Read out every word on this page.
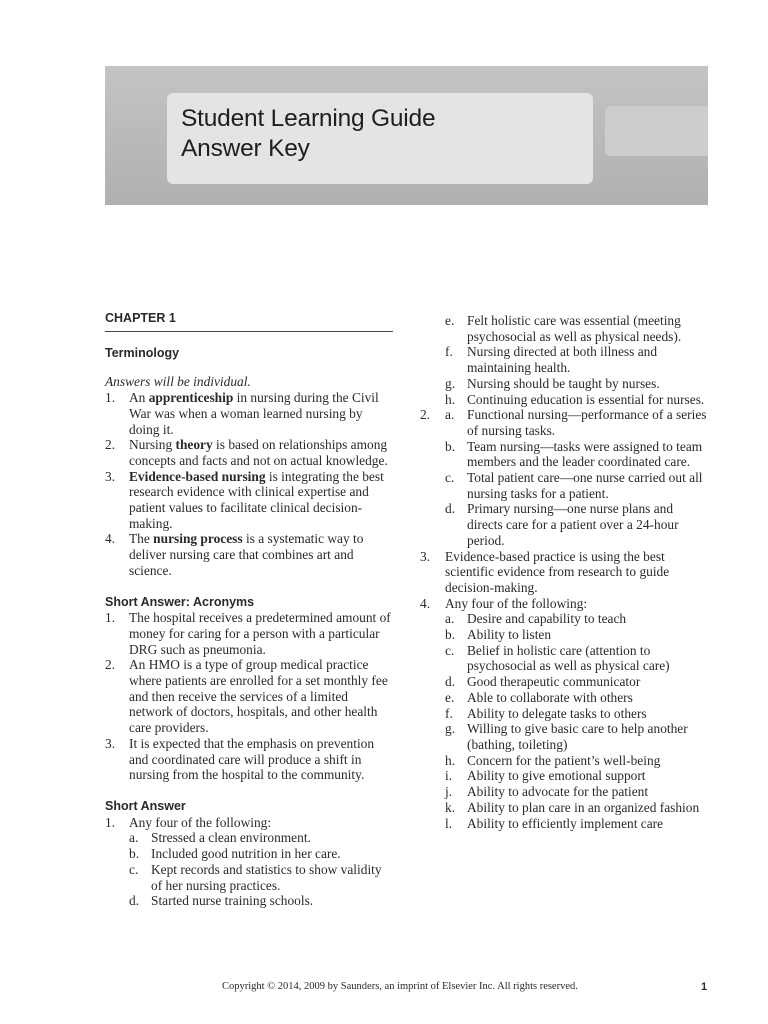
Student Learning Guide
Answer Key
CHAPTER 1
Terminology
Answers will be individual.
1.	An apprenticeship in nursing during the Civil War was when a woman learned nursing by doing it.
2.	Nursing theory is based on relationships among concepts and facts and not on actual knowledge.
3.	Evidence-based nursing is integrating the best research evidence with clinical expertise and patient values to facilitate clinical decision-making.
4.	The nursing process is a systematic way to deliver nursing care that combines art and science.
Short Answer: Acronyms
1.	The hospital receives a predetermined amount of money for caring for a person with a particular DRG such as pneumonia.
2.	An HMO is a type of group medical practice where patients are enrolled for a set monthly fee and then receive the services of a limited network of doctors, hospitals, and other health care providers.
3.	It is expected that the emphasis on prevention and coordinated care will produce a shift in nursing from the hospital to the community.
Short Answer
1.	Any four of the following:
a. Stressed a clean environment.
b. Included good nutrition in her care.
c. Kept records and statistics to show validity of her nursing practices.
d. Started nurse training schools.
e. Felt holistic care was essential (meeting psychosocial as well as physical needs).
f.	Nursing directed at both illness and maintaining health.
g. Nursing should be taught by nurses.
h. Continuing education is essential for nurses.
2.	a. Functional nursing—performance of a series of nursing tasks.
b. Team nursing—tasks were assigned to team members and the leader coordinated care.
c. Total patient care—one nurse carried out all nursing tasks for a patient.
d. Primary nursing—one nurse plans and directs care for a patient over a 24-hour period.
3.	Evidence-based practice is using the best scientific evidence from research to guide decision-making.
4.	Any four of the following:
a. Desire and capability to teach
b. Ability to listen
c. Belief in holistic care (attention to psychosocial as well as physical care)
d. Good therapeutic communicator
e. Able to collaborate with others
f.	Ability to delegate tasks to others
g. Willing to give basic care to help another (bathing, toileting)
h. Concern for the patient’s well-being
i.	Ability to give emotional support
j.	Ability to advocate for the patient
k. Ability to plan care in an organized fashion
l.	Ability to efficiently implement care
Copyright © 2014, 2009 by Saunders, an imprint of Elsevier Inc. All rights reserved.	1
